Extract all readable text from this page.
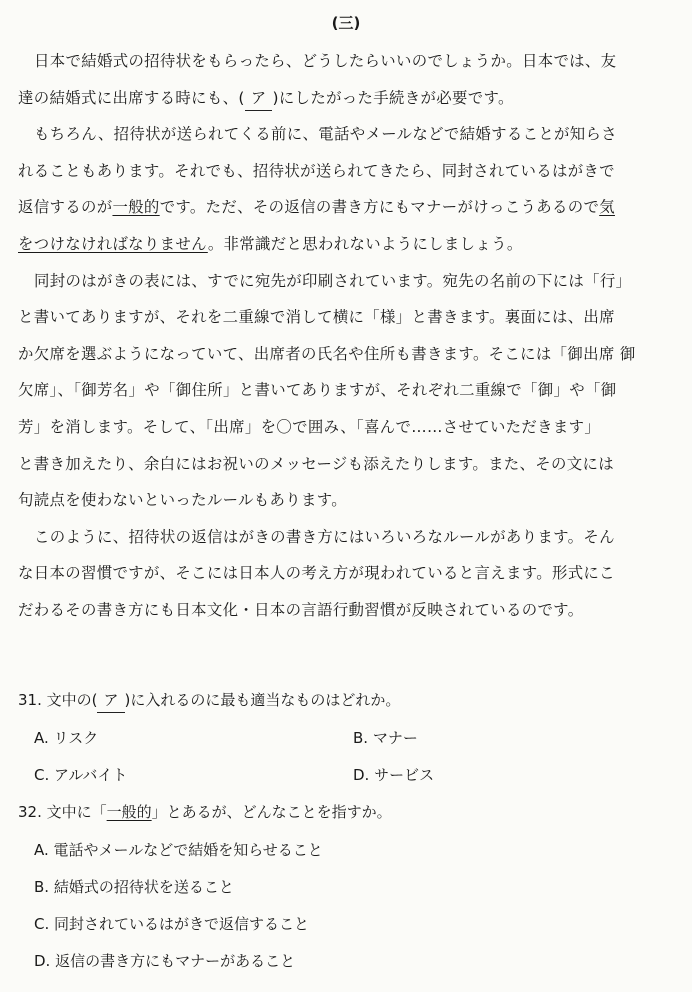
(三)
日本で結婚式の招待状をもらったら、どうしたらいいのでしょうか。日本では、友
達の結婚式に出席する時にも、( ア )にしたがった手続きが必要です。
もちろん、招待状が送られてくる前に、電話やメールなどで結婚することが知らさ
れることもあります。それでも、招待状が送られてきたら、同封されているはがきで
返信するのが一般的です。ただ、その返信の書き方にもマナーがけっこうあるので気
をつけなければなりません。非常識だと思われないようにしましょう。
同封のはがきの表には、すでに宛先が印刷されています。宛先の名前の下には「行」
と書いてありますが、それを二重線で消して横に「様」と書きます。裏面には、出席
か欠席を選ぶようになっていて、出席者の氏名や住所も書きます。そこには「御出席 御
欠席」、「御芳名」や「御住所」と書いてありますが、それぞれ二重線で「御」や「御
芳」を消します。そして、「出席」を〇で囲み、「喜んで……させていただきます」
と書き加えたり、余白にはお祝いのメッセージも添えたりします。また、その文には
句読点を使わないといったルールもあります。
このように、招待状の返信はがきの書き方にはいろいろなルールがあります。そん
な日本の習慣ですが、そこには日本人の考え方が現われていると言えます。形式にこ
だわるその書き方にも日本文化・日本の言語行動習慣が反映されているのです。
31. 文中の( ア )に入れるのに最も適当なものはどれか。
A. リスク	B. マナー
C. アルバイト	D. サービス
32. 文中に「一般的」とあるが、どんなことを指すか。
A. 電話やメールなどで結婚を知らせること
B. 結婚式の招待状を送ること
C. 同封されているはがきで返信すること
D. 返信の書き方にもマナーがあること
